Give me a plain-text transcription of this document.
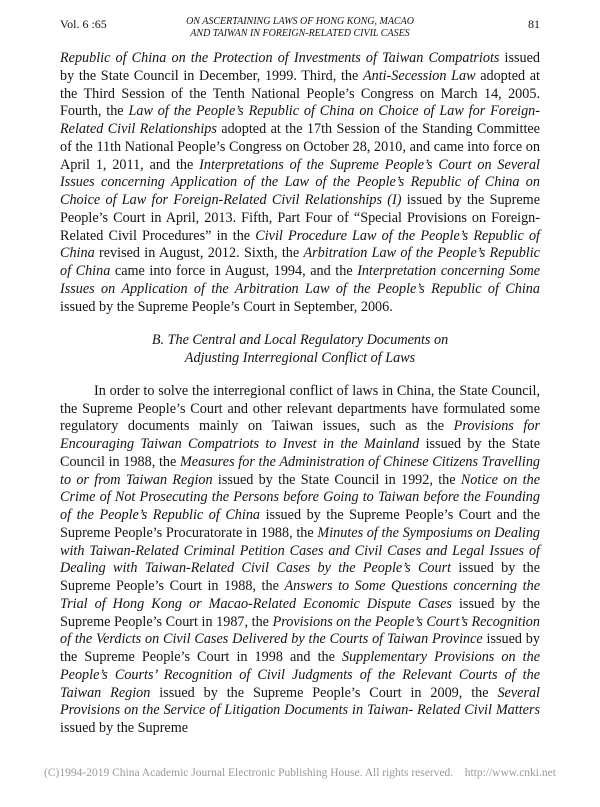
Vol. 6 :65	ON ASCERTAINING LAWS OF HONG KONG, MACAO
AND TAIWAN IN FOREIGN-RELATED CIVIL CASES
81

Republic of China on the Protection of Investments of Taiwan Compatriots issued by the State Council in December, 1999. Third, the Anti-Secession Law adopted at the Third Session of the Tenth National People’s Congress on March 14, 2005. Fourth, the Law of the People’s Republic of China on Choice of Law for Foreign-Related Civil Relationships adopted at the 17th Session of the Standing Committee of the 11th National People’s Congress on October 28, 2010, and came into force on April 1, 2011, and the Interpretations of the Supreme People’s Court on Several Issues concerning Application of the Law of the People’s Republic of China on Choice of Law for Foreign-Related Civil Relationships (I) issued by the Supreme People’s Court in April, 2013. Fifth, Part Four of “Special Provisions on Foreign-Related Civil Procedures” in the Civil Procedure Law of the People’s Republic of China revised in August, 2012. Sixth, the Arbitration Law of the People’s Republic of China came into force in August, 1994, and the Interpretation concerning Some Issues on Application of the Arbitration Law of the People’s Republic of China issued by the Supreme People’s Court in September, 2006.

B. The Central and Local Regulatory Documents on
Adjusting Interregional Conflict of Laws

In order to solve the interregional conflict of laws in China, the State Council, the Supreme People’s Court and other relevant departments have formulated some regulatory documents mainly on Taiwan issues, such as the Provisions for Encouraging Taiwan Compatriots to Invest in the Mainland issued by the State Council in 1988, the Measures for the Administration of Chinese Citizens Travelling to or from Taiwan Region issued by the State Council in 1992, the Notice on the Crime of Not Prosecuting the Persons before Going to Taiwan before the Founding of the People’s Republic of China issued by the Supreme People’s Court and the Supreme People’s Procuratorate in 1988, the Minutes of the Symposiums on Dealing with Taiwan-Related Criminal Petition Cases and Civil Cases and Legal Issues of Dealing with Taiwan-Related Civil Cases by the People’s Court issued by the Supreme People’s Court in 1988, the Answers to Some Questions concerning the Trial of Hong Kong or Macao-Related Economic Dispute Cases issued by the Supreme People’s Court in 1987, the Provisions on the People’s Court’s Recognition of the Verdicts on Civil Cases Delivered by the Courts of Taiwan Province issued by the Supreme People’s Court in 1998 and the Supplementary Provisions on the People’s Courts’ Recognition of Civil Judgments of the Relevant Courts of the Taiwan Region issued by the Supreme People’s Court in 2009, the Several Provisions on the Service of Litigation Documents in Taiwan- Related Civil Matters issued by the Supreme

(C)1994-2019 China Academic Journal Electronic Publishing House. All rights reserved. http://www.cnki.net
